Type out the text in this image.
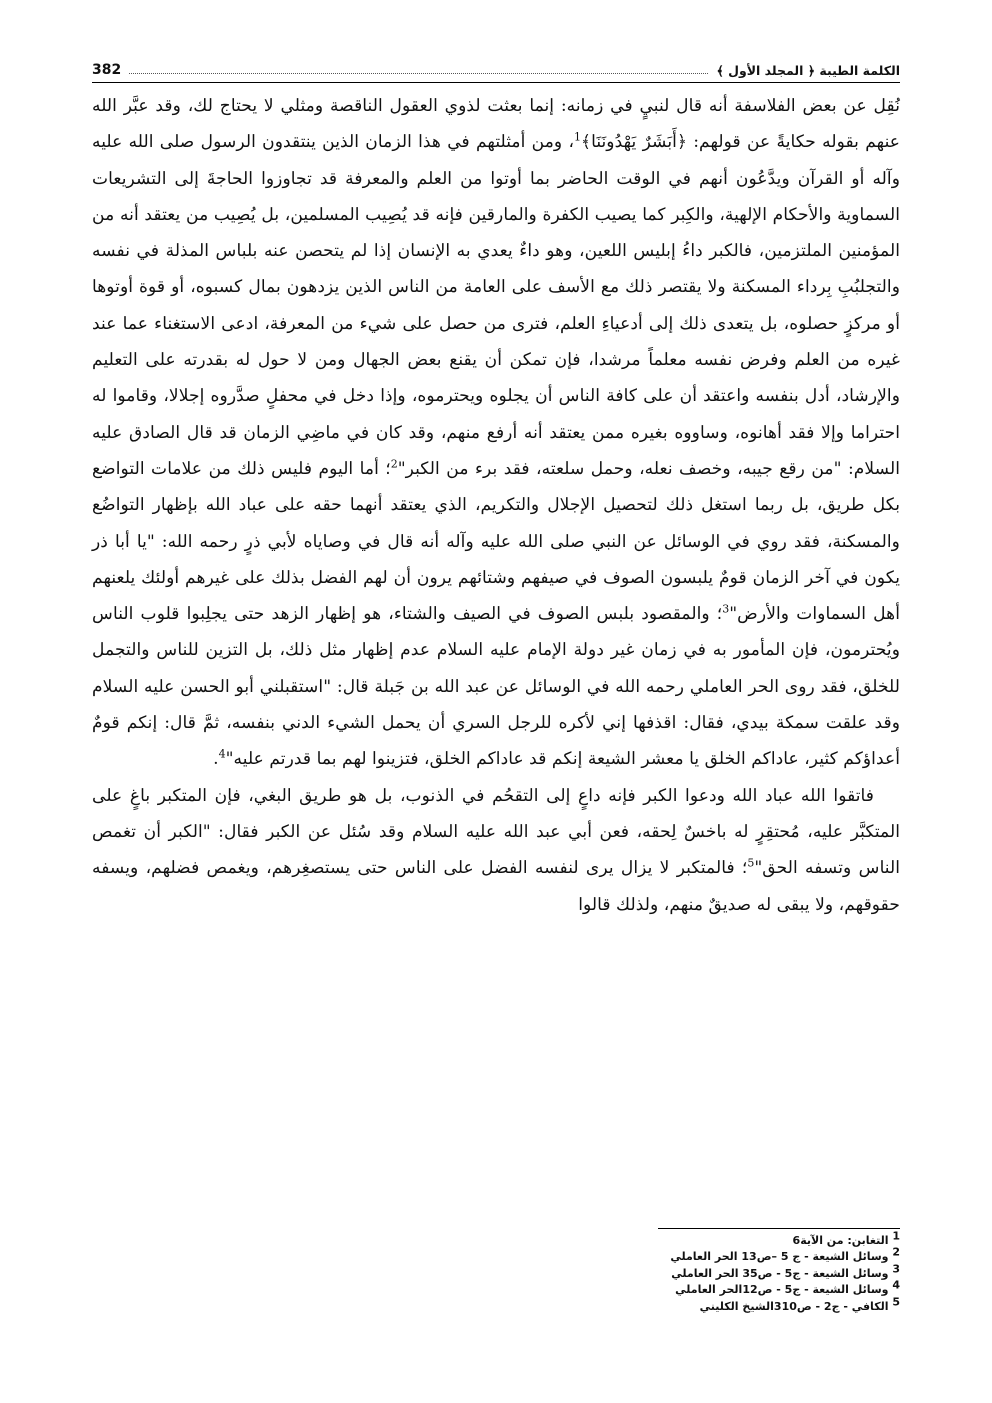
382	الكلمة الطيبة ﴿ المجلد الأول ﴾

نُقِل عن بعض الفلاسفة أنه قال لنبيٍ في زمانه: إنما بعثت لذوي العقول الناقصة ومثلي لا يحتاج لك، وقد عبَّر الله عنهم بقوله حكايةً عن قولهم: ﴿أَبَشَرٌ يَهْدُونَنَا﴾$^1$، ومن أمثلتهم في هذا الزمان الذين ينتقدون الرسول صلى الله عليه وآله أو القرآن ويدَّعُون أنهم في الوقت الحاضر بما أوتوا من العلم والمعرفة قد تجاوزوا الحاجةَ إلى التشريعات السماوية والأحكام الإلهية، والكِبر كما يصيب الكفرة والمارقين فإنه قد يُصِيب المسلمين، بل يُصِيب من يعتقد أنه من المؤمنين الملتزمين، فالكبر داءُ إبليس اللعين، وهو داءٌ يعدي به الإنسان إذا لم يتحصن عنه بلباس المذلة في نفسه والتجلبُبِ بِرداء المسكنة ولا يقتصر ذلك مع الأسف على العامة من الناس الذين يزدهون بمال كسبوه، أو قوة أوتوها أو مركزٍ حصلوه، بل يتعدى ذلك إلى أدعياءِ العلم، فترى من حصل على شيء من المعرفة، ادعى الاستغناء عما عند غيره من العلم وفرض نفسه معلماً مرشدا، فإن تمكن أن يقنع بعض الجهال ومن لا حول له بقدرته على التعليم والإرشاد، أدل بنفسه واعتقد أن على كافة الناس أن يجلوه ويحترموه، وإذا دخل في محفلٍ صدَّروه إجلالا، وقاموا له احتراما وإلا فقد أهانوه، وساووه بغيره ممن يعتقد أنه أرفع منهم، وقد كان في ماضِي الزمان قد قال الصادق عليه السلام: "من رقع جيبه، وخصف نعله، وحمل سلعته، فقد برء من الكبر"$^2$؛ أما اليوم فليس ذلك من علامات التواضع بكل طريق، بل ربما استغل ذلك لتحصيل الإجلال والتكريم، الذي يعتقد أنهما حقه على عباد الله بإظهار التواضُع والمسكنة، فقد روي في الوسائل عن النبي صلى الله عليه وآله أنه قال في وصاياه لأبي ذرٍ رحمه الله: "يا أبا ذر يكون في آخر الزمان قومٌ يلبسون الصوف في صيفهم وشتائهم يرون أن لهم الفضل بذلك على غيرهم أولئك يلعنهم أهل السماوات والأرض"$^3$؛ والمقصود بلبس الصوف في الصيف والشتاء، هو إظهار الزهد حتى يجلِبوا قلوب الناس ويُحترمون، فإن المأمور به في زمان غير دولة الإمام عليه السلام عدم إظهار مثل ذلك، بل التزين للناس والتجمل للخلق، فقد روى الحر العاملي رحمه الله في الوسائل عن عبد الله بن جَبلة قال: "استقبلني أبو الحسن عليه السلام وقد علقت سمكة بيدي، فقال: اقذفها إني لأكره للرجل السري أن يحمل الشيء الدني بنفسه، ثمَّ قال: إنكم قومٌ أعداؤكم كثير، عاداكم الخلق يا معشر الشيعة إنكم قد عاداكم الخلق، فتزينوا لهم بما قدرتم عليه"$^4$.

فاتقوا الله عباد الله ودعوا الكبر فإنه داعٍ إلى التقحُم في الذنوب، بل هو طريق البغي، فإن المتكبر باغٍ على المتكبَّر عليه، مُحتقِرٍ له باخسٌ لِحقه، فعن أبي عبد الله عليه السلام وقد سُئل عن الكبر فقال: "الكبر أن تغمص الناس وتسفه الحق"$^5$؛ فالمتكبر لا يزال يرى لنفسه الفضل على الناس حتى يستصغِرهم، ويغمص فضلهم، ويسفه حقوقهم، ولا يبقى له صديقٌ منهم، ولذلك قالوا

$^1$ التغابن: من الآية6
$^2$ وسائل الشيعة - ج 5 –ص13 الحر العاملي
$^3$ وسائل الشيعة - ج5 - ص35 الحر العاملي
$^4$ وسائل الشيعة - ج5 - ص12الحر العاملي
$^5$ الكافي - ج2 - ص310الشيخ الكليني
